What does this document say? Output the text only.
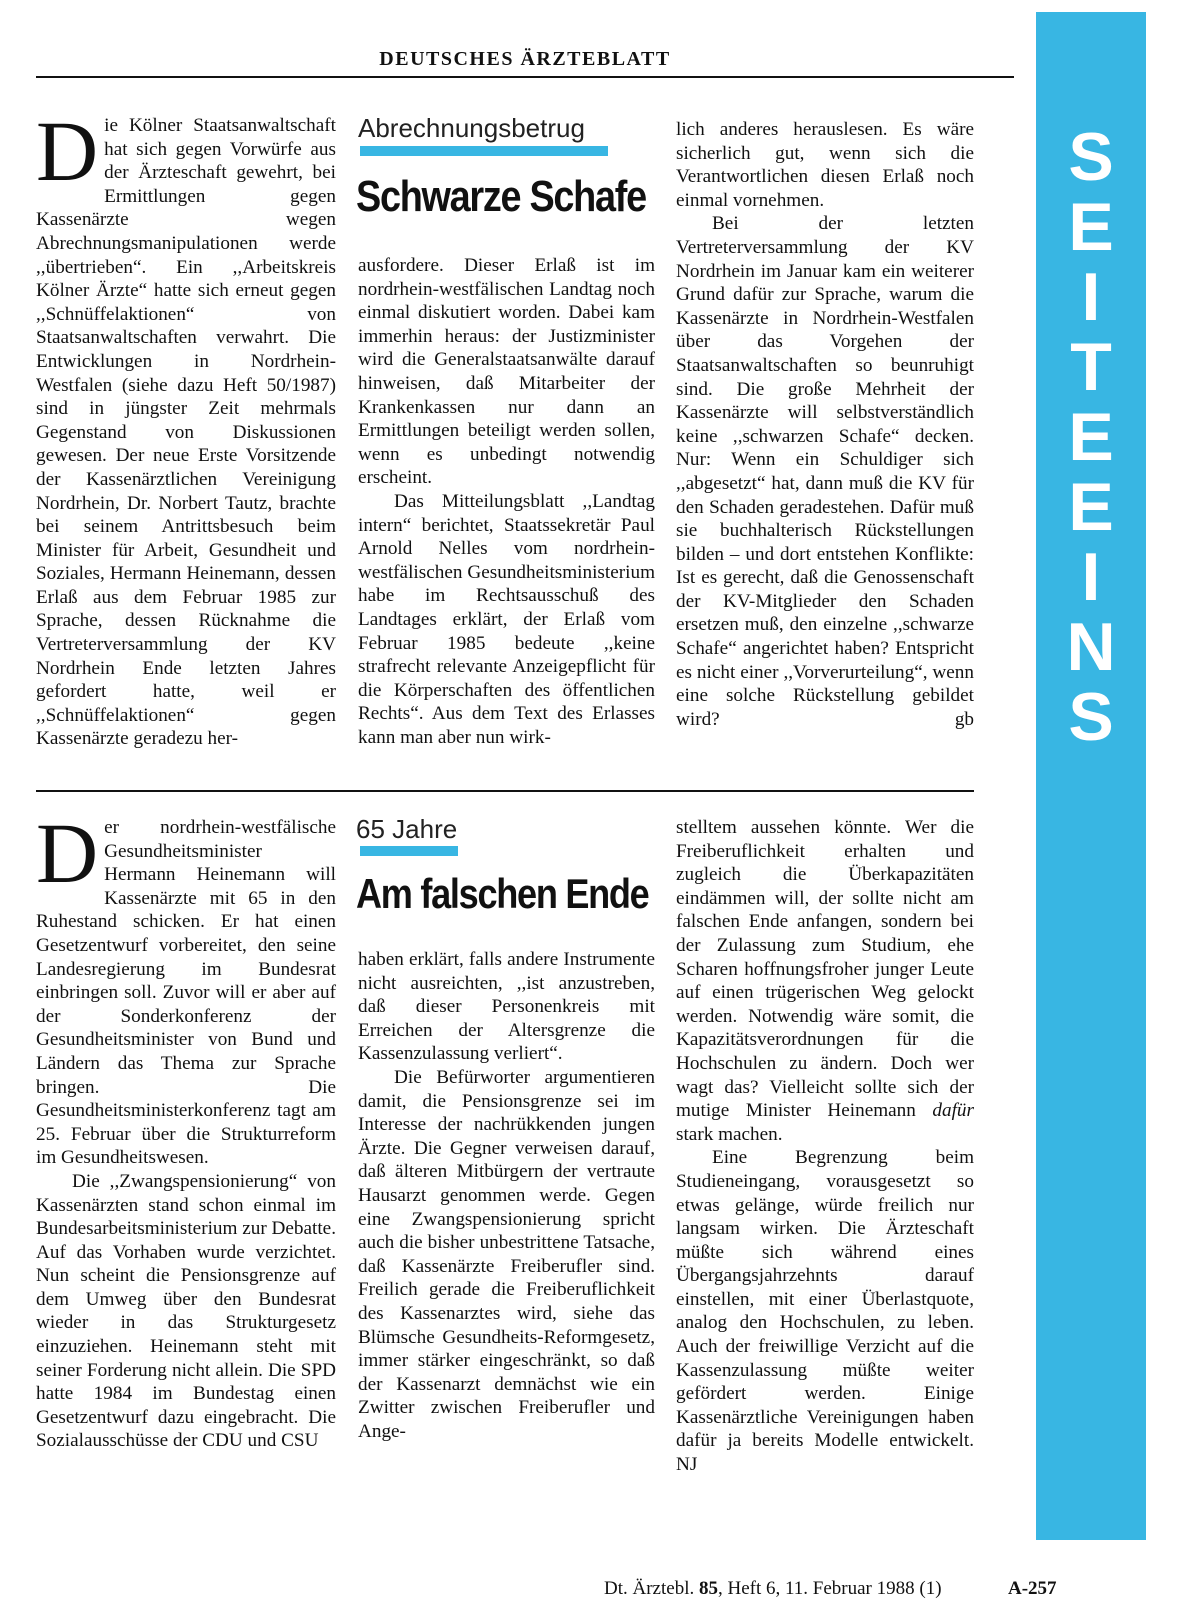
DEUTSCHES ÄRZTEBLATT
S
E
I
T
E
E
I
N
S

Die Kölner Staatsanwaltschaft hat sich gegen Vorwürfe aus der Ärzteschaft gewehrt, bei Ermittlungen gegen Kassenärzte wegen Abrechnungsmanipulationen werde ,,übertrieben“. Ein ,,Arbeitskreis Kölner Ärzte“ hatte sich erneut gegen ,,Schnüffelaktionen“ von Staatsanwaltschaften verwahrt. Die Entwicklungen in Nordrhein-Westfalen (siehe dazu Heft 50/1987) sind in jüngster Zeit mehrmals Gegenstand von Diskussionen gewesen. Der neue Erste Vorsitzende der Kassenärztlichen Vereinigung Nordrhein, Dr. Norbert Tautz, brachte bei seinem Antrittsbesuch beim Minister für Arbeit, Gesundheit und Soziales, Hermann Heinemann, dessen Erlaß aus dem Februar 1985 zur Sprache, dessen Rücknahme die Vertreterversammlung der KV Nordrhein Ende letzten Jahres gefordert hatte, weil er ,,Schnüffelaktionen“ gegen Kassenärzte geradezu her-

Abrechnungsbetrug
Schwarze Schafe

ausfordere. Dieser Erlaß ist im nordrhein-westfälischen Landtag noch einmal diskutiert worden. Dabei kam immerhin heraus: der Justizminister wird die Generalstaatsanwälte darauf hinweisen, daß Mitarbeiter der Krankenkassen nur dann an Ermittlungen beteiligt werden sollen, wenn es unbedingt notwendig erscheint.

Das Mitteilungsblatt ,,Landtag intern“ berichtet, Staatssekretär Paul Arnold Nelles vom nordrhein-westfälischen Gesundheitsministerium habe im Rechtsausschuß des Landtages erklärt, der Erlaß vom Februar 1985 bedeute ,,keine strafrecht relevante Anzeigepflicht für die Körperschaften des öffentlichen Rechts“. Aus dem Text des Erlasses kann man aber nun wirk-

lich anderes herauslesen. Es wäre sicherlich gut, wenn sich die Verantwortlichen diesen Erlaß noch einmal vornehmen.

Bei der letzten Vertreterversammlung der KV Nordrhein im Januar kam ein weiterer Grund dafür zur Sprache, warum die Kassenärzte in Nordrhein-Westfalen über das Vorgehen der Staatsanwaltschaften so beunruhigt sind. Die große Mehrheit der Kassenärzte will selbstverständlich keine ,,schwarzen Schafe“ decken. Nur: Wenn ein Schuldiger sich ,,abgesetzt“ hat, dann muß die KV für den Schaden geradestehen. Dafür muß sie buchhalterisch Rückstellungen bilden – und dort entstehen Konflikte: Ist es gerecht, daß die Genossenschaft der KV-Mitglieder den Schaden ersetzen muß, den einzelne ,,schwarze Schafe“ angerichtet haben? Entspricht es nicht einer ,,Vorverurteilung“, wenn eine solche Rückstellung gebildet wird?	gb

Der nordrhein-westfälische Gesundheitsminister Hermann Heinemann will Kassenärzte mit 65 in den Ruhestand schicken. Er hat einen Gesetzentwurf vorbereitet, den seine Landesregierung im Bundesrat einbringen soll. Zuvor will er aber auf der Sonderkonferenz der Gesundheitsminister von Bund und Ländern das Thema zur Sprache bringen. Die Gesundheitsministerkonferenz tagt am 25. Februar über die Strukturreform im Gesundheitswesen.

Die ,,Zwangspensionierung“ von Kassenärzten stand schon einmal im Bundesarbeitsministerium zur Debatte. Auf das Vorhaben wurde verzichtet. Nun scheint die Pensionsgrenze auf dem Umweg über den Bundesrat wieder in das Strukturgesetz einzuziehen. Heinemann steht mit seiner Forderung nicht allein. Die SPD hatte 1984 im Bundestag einen Gesetzentwurf dazu eingebracht. Die Sozialausschüsse der CDU und CSU

65 Jahre
Am falschen Ende

haben erklärt, falls andere Instrumente nicht ausreichten, ,,ist anzustreben, daß dieser Personenkreis mit Erreichen der Altersgrenze die Kassenzulassung verliert“.

Die Befürworter argumentieren damit, die Pensionsgrenze sei im Interesse der nachrükkenden jungen Ärzte. Die Gegner verweisen darauf, daß älteren Mitbürgern der vertraute Hausarzt genommen werde. Gegen eine Zwangspensionierung spricht auch die bisher unbestrittene Tatsache, daß Kassenärzte Freiberufler sind. Freilich gerade die Freiberuflichkeit des Kassenarztes wird, siehe das Blümsche Gesundheits-Reformgesetz, immer stärker eingeschränkt, so daß der Kassenarzt demnächst wie ein Zwitter zwischen Freiberufler und Ange-

stelltem aussehen könnte. Wer die Freiberuflichkeit erhalten und zugleich die Überkapazitäten eindämmen will, der sollte nicht am falschen Ende anfangen, sondern bei der Zulassung zum Studium, ehe Scharen hoffnungsfroher junger Leute auf einen trügerischen Weg gelockt werden. Notwendig wäre somit, die Kapazitätsverordnungen für die Hochschulen zu ändern. Doch wer wagt das? Vielleicht sollte sich der mutige Minister Heinemann dafür stark machen.

Eine Begrenzung beim Studieneingang, vorausgesetzt so etwas gelänge, würde freilich nur langsam wirken. Die Ärzteschaft müßte sich während eines Übergangsjahrzehnts darauf einstellen, mit einer Überlastquote, analog den Hochschulen, zu leben. Auch der freiwillige Verzicht auf die Kassenzulassung müßte weiter gefördert werden. Einige Kassenärztliche Vereinigungen haben dafür ja bereits Modelle entwickelt. NJ

Dt. Ärztebl. 85, Heft 6, 11. Februar 1988 (1)	A-257
